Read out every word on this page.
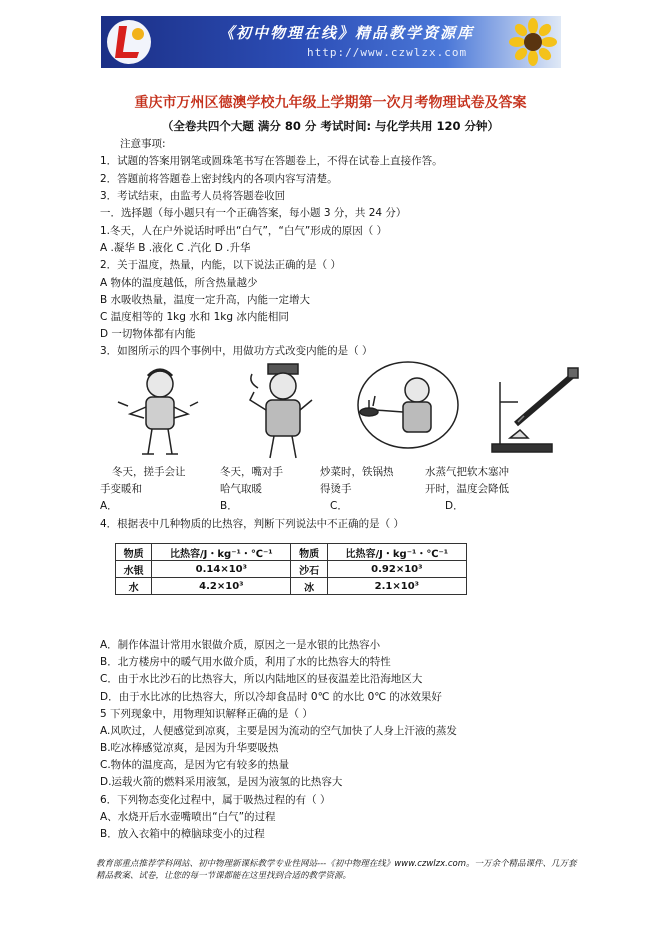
《初中物理在线》精品教学资源库
http://www.czwlzx.com
重庆市万州区德澳学校九年级上学期第一次月考物理试卷及答案
（全卷共四个大题 满分 80 分 考试时间: 与化学共用 120 分钟）
注意事项:
1．试题的答案用钢笔或圆珠笔书写在答题卷上，不得在试卷上直接作答。
2．答题前将答题卷上密封线内的各项内容写清楚。
3．考试结束，由监考人员将答题卷收回
一．选择题（每小题只有一个正确答案，每小题 3 分，共 24 分）
1.冬天，人在户外说话时呼出“白气”，“白气”形成的原因（ ）
A .凝华 B .液化 C .汽化 D .升华
2．关于温度，热量，内能，以下说法正确的是（ ）
A 物体的温度越低，所含热量越少
B 水吸收热量，温度一定升高，内能一定增大
C 温度相等的 1kg 水和 1kg 冰内能相同
D 一切物体都有内能
3．如图所示的四个事例中，用做功方式改变内能的是（ ）
冬天，搓手会让
手变暖和
A．
冬天，嘴对手
哈气取暖
B．
炒菜时，铁锅热
得烫手
C．
水蒸气把软木塞冲
开时，温度会降低
D．
4．根据表中几种物质的比热容，判断下列说法中不正确的是（ ）
物质	比热容/J・kg⁻¹・℃⁻¹	物质	比热容/J・kg⁻¹・℃⁻¹
水银	0.14×10³	沙石	0.92×10³
水	4.2×10³	冰	2.1×10³
A．制作体温计常用水银做介质，原因之一是水银的比热容小
B．北方楼房中的暖气用水做介质，利用了水的比热容大的特性
C．由于水比沙石的比热容大，所以内陆地区的昼夜温差比沿海地区大
D．由于水比冰的比热容大，所以冷却食品时 0℃ 的水比 0℃ 的冰效果好
5 下列现象中，用物理知识解释正确的是（ ）
A.风吹过，人便感觉到凉爽，主要是因为流动的空气加快了人身上汗液的蒸发
B.吃冰棒感觉凉爽，是因为升华要吸热
C.物体的温度高，是因为它有较多的热量
D.运载火箭的燃料采用液氢，是因为液氢的比热容大
6．下列物态变化过程中，属于吸热过程的有（ ）
A、水烧开后水壶嘴喷出“白气”的过程
B．放入衣箱中的樟脑球变小的过程
教育部重点推荐学科网站、初中物理新课标教学专业性网站---《初中物理在线》www.czwlzx.com。一万余个精品课件、几万套精品教案、试卷，让您的每一节课都能在这里找到合适的教学资源。
